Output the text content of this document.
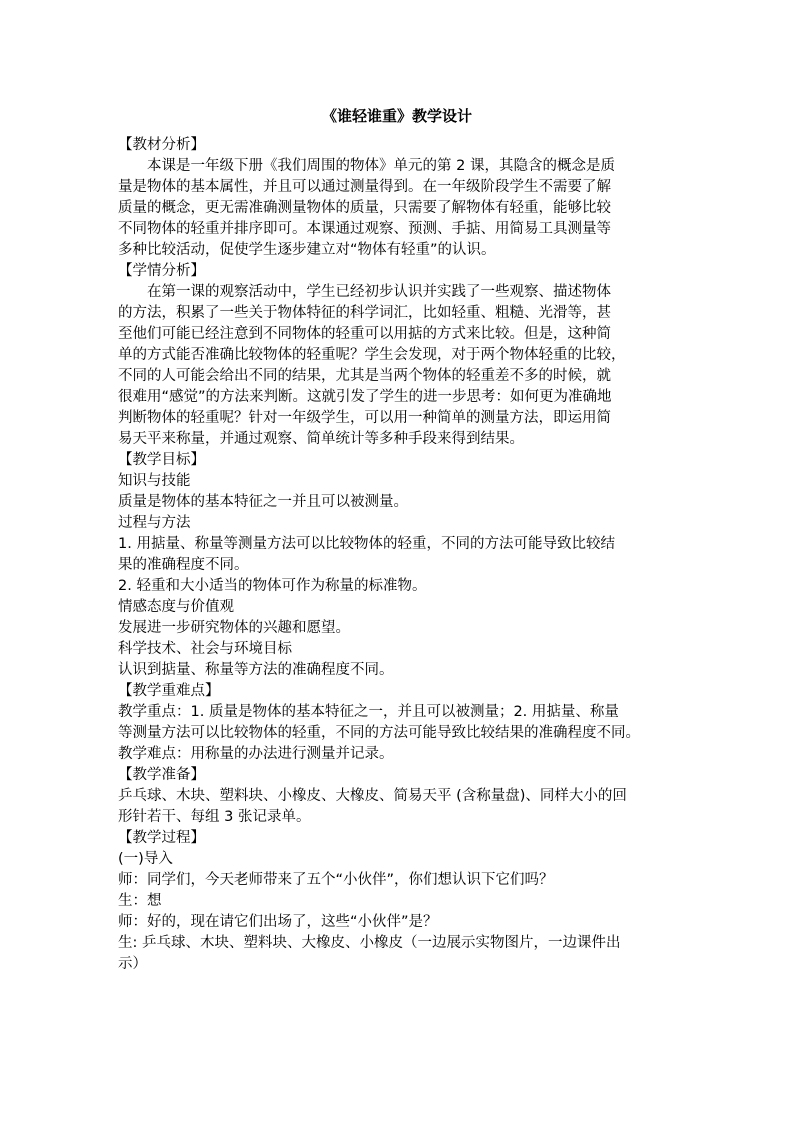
《谁轻谁重》教学设计
【教材分析】
　　本课是一年级下册《我们周围的物体》单元的第 2 课，其隐含的概念是质
量是物体的基本属性，并且可以通过测量得到。在一年级阶段学生不需要了解
质量的概念，更无需准确测量物体的质量，只需要了解物体有轻重，能够比较
不同物体的轻重并排序即可。本课通过观察、预测、手掂、用简易工具测量等
多种比较活动，促使学生逐步建立对“物体有轻重”的认识。
【学情分析】
　　在第一课的观察活动中，学生已经初步认识并实践了一些观察、描述物体
的方法，积累了一些关于物体特征的科学词汇，比如轻重、粗糙、光滑等，甚
至他们可能已经注意到不同物体的轻重可以用掂的方式来比较。但是，这种简
单的方式能否准确比较物体的轻重呢？学生会发现，对于两个物体轻重的比较，
不同的人可能会给出不同的结果，尤其是当两个物体的轻重差不多的时候，就
很难用“感觉”的方法来判断。这就引发了学生的进一步思考：如何更为准确地
判断物体的轻重呢？针对一年级学生，可以用一种简单的测量方法，即运用简
易天平来称量，并通过观察、简单统计等多种手段来得到结果。
【教学目标】
知识与技能
质量是物体的基本特征之一并且可以被测量。
过程与方法
1. 用掂量、称量等测量方法可以比较物体的轻重，不同的方法可能导致比较结
果的准确程度不同。
2. 轻重和大小适当的物体可作为称量的标准物。
情感态度与价值观
发展进一步研究物体的兴趣和愿望。
科学技术、社会与环境目标
认识到掂量、称量等方法的准确程度不同。
【教学重难点】
教学重点：1. 质量是物体的基本特征之一，并且可以被测量；2. 用掂量、称量
等测量方法可以比较物体的轻重，不同的方法可能导致比较结果的准确程度不同。
教学难点：用称量的办法进行测量并记录。
【教学准备】
乒乓球、木块、塑料块、小橡皮、大橡皮、简易天平 (含称量盘)、同样大小的回
形针若干、每组 3 张记录单。
【教学过程】
(一)导入
师：同学们，今天老师带来了五个“小伙伴”，你们想认识下它们吗？
生：想
师：好的，现在请它们出场了，这些“小伙伴”是？
生: 乒乓球、木块、塑料块、大橡皮、小橡皮（一边展示实物图片，一边课件出
示）
